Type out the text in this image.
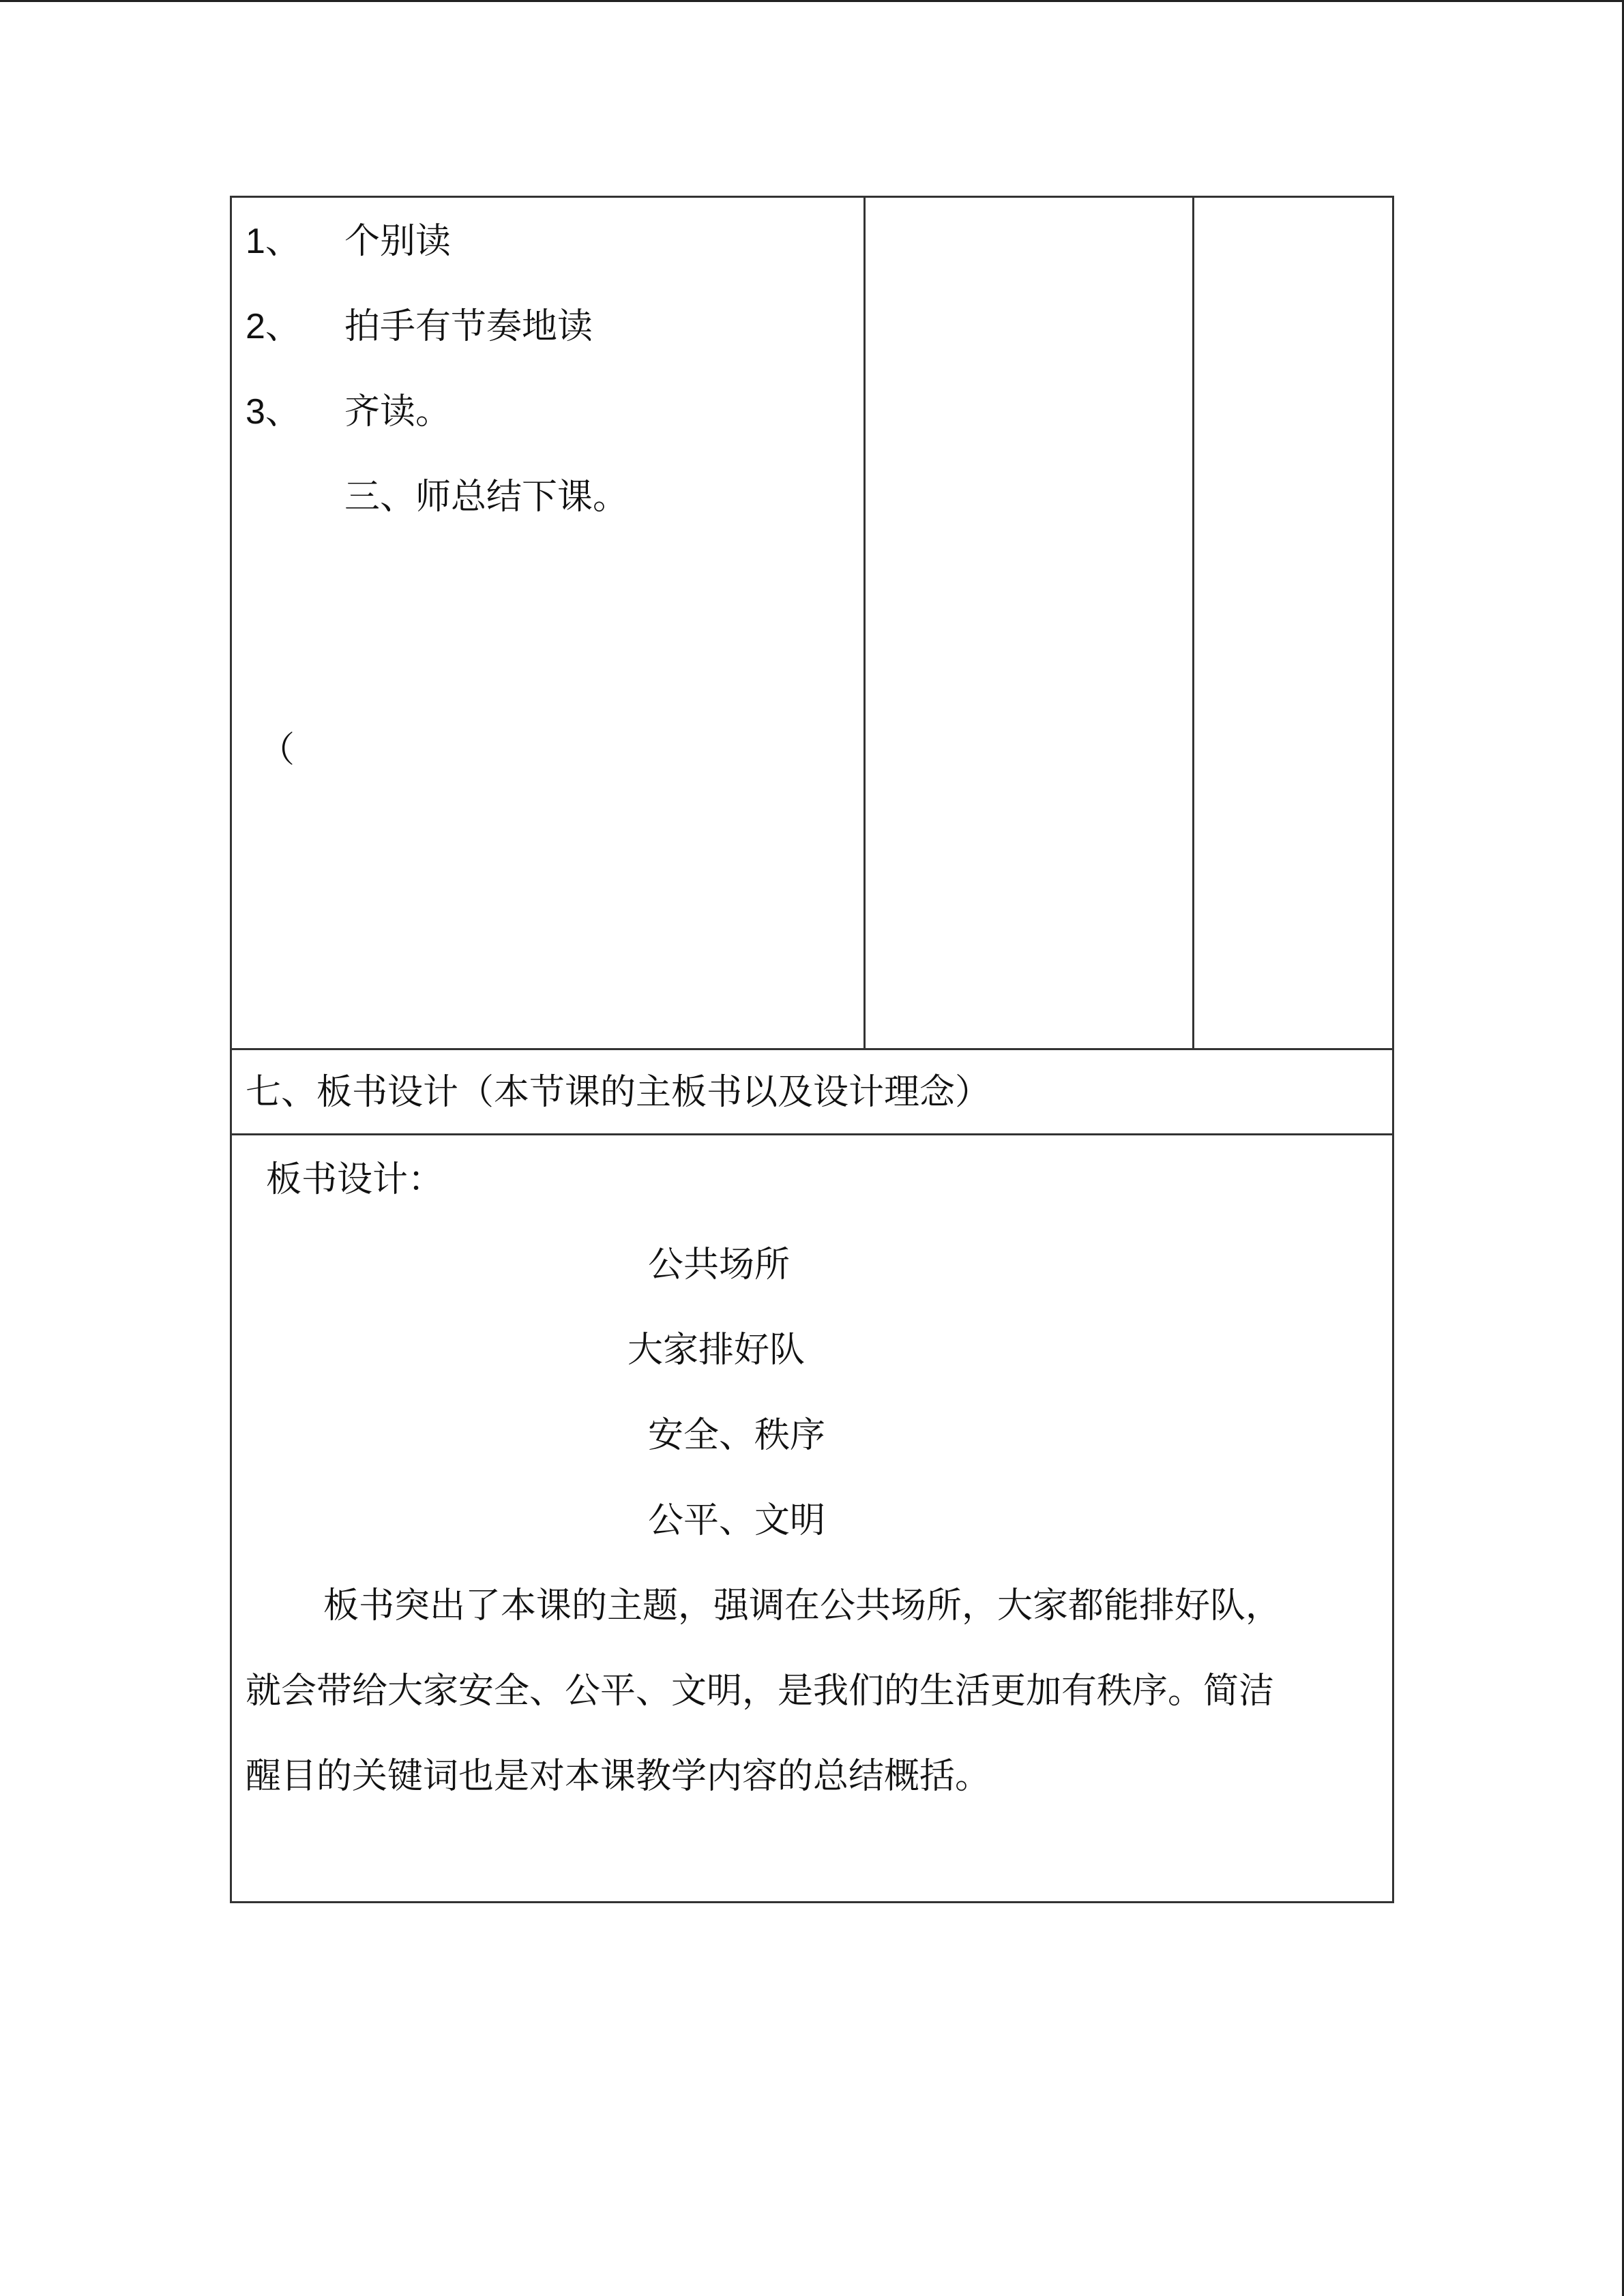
1、 个别读
2、 拍手有节奏地读
3、 齐读。
三、师总结下课。
（
七、板书设计（本节课的主板书以及设计理念）
板书设计：
公共场所
大家排好队
安全、秩序
公平、文明
板书突出了本课的主题，强调在公共场所，大家都能排好队，
就会带给大家安全、公平、文明，是我们的生活更加有秩序。简洁
醒目的关键词也是对本课教学内容的总结概括。
